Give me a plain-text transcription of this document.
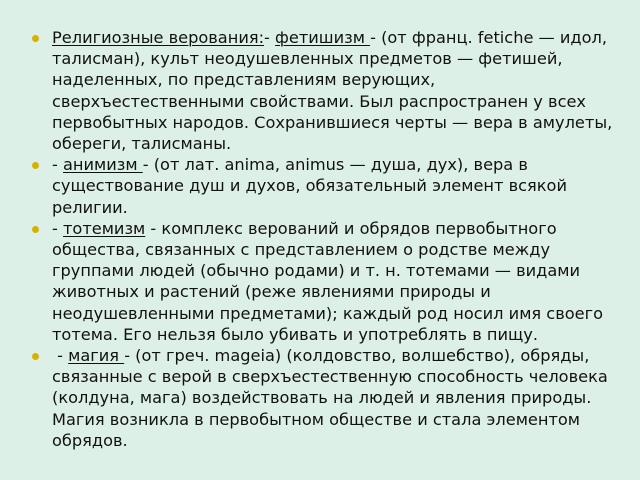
Религиозные верования:- фетишизм - (от франц. fetiche — идол, талисман), культ неодушевленных предметов — фетишей, наделенных, по представлениям верующих, сверхъестественными свойствами. Был распространен у всех первобытных народов. Сохранившиеся черты — вера в амулеты, обереги, талисманы.
- анимизм - (от лат. anima, animus — душа, дух), вера в существование душ и духов, обязательный элемент всякой религии.
- тотемизм - комплекс верований и обрядов первобытного общества, связанных с представлением о родстве между группами людей (обычно родами) и т. н. тотемами — видами животных и растений (реже явлениями природы и неодушевленными предметами); каждый род носил имя своего тотема. Его нельзя было убивать и употреблять в пищу.
- магия - (от греч. mageia) (колдовство, волшебство), обряды, связанные с верой в сверхъестественную способность человека (колдуна, мага) воздействовать на людей и явления природы. Магия возникла в первобытном обществе и стала элементом обрядов.
